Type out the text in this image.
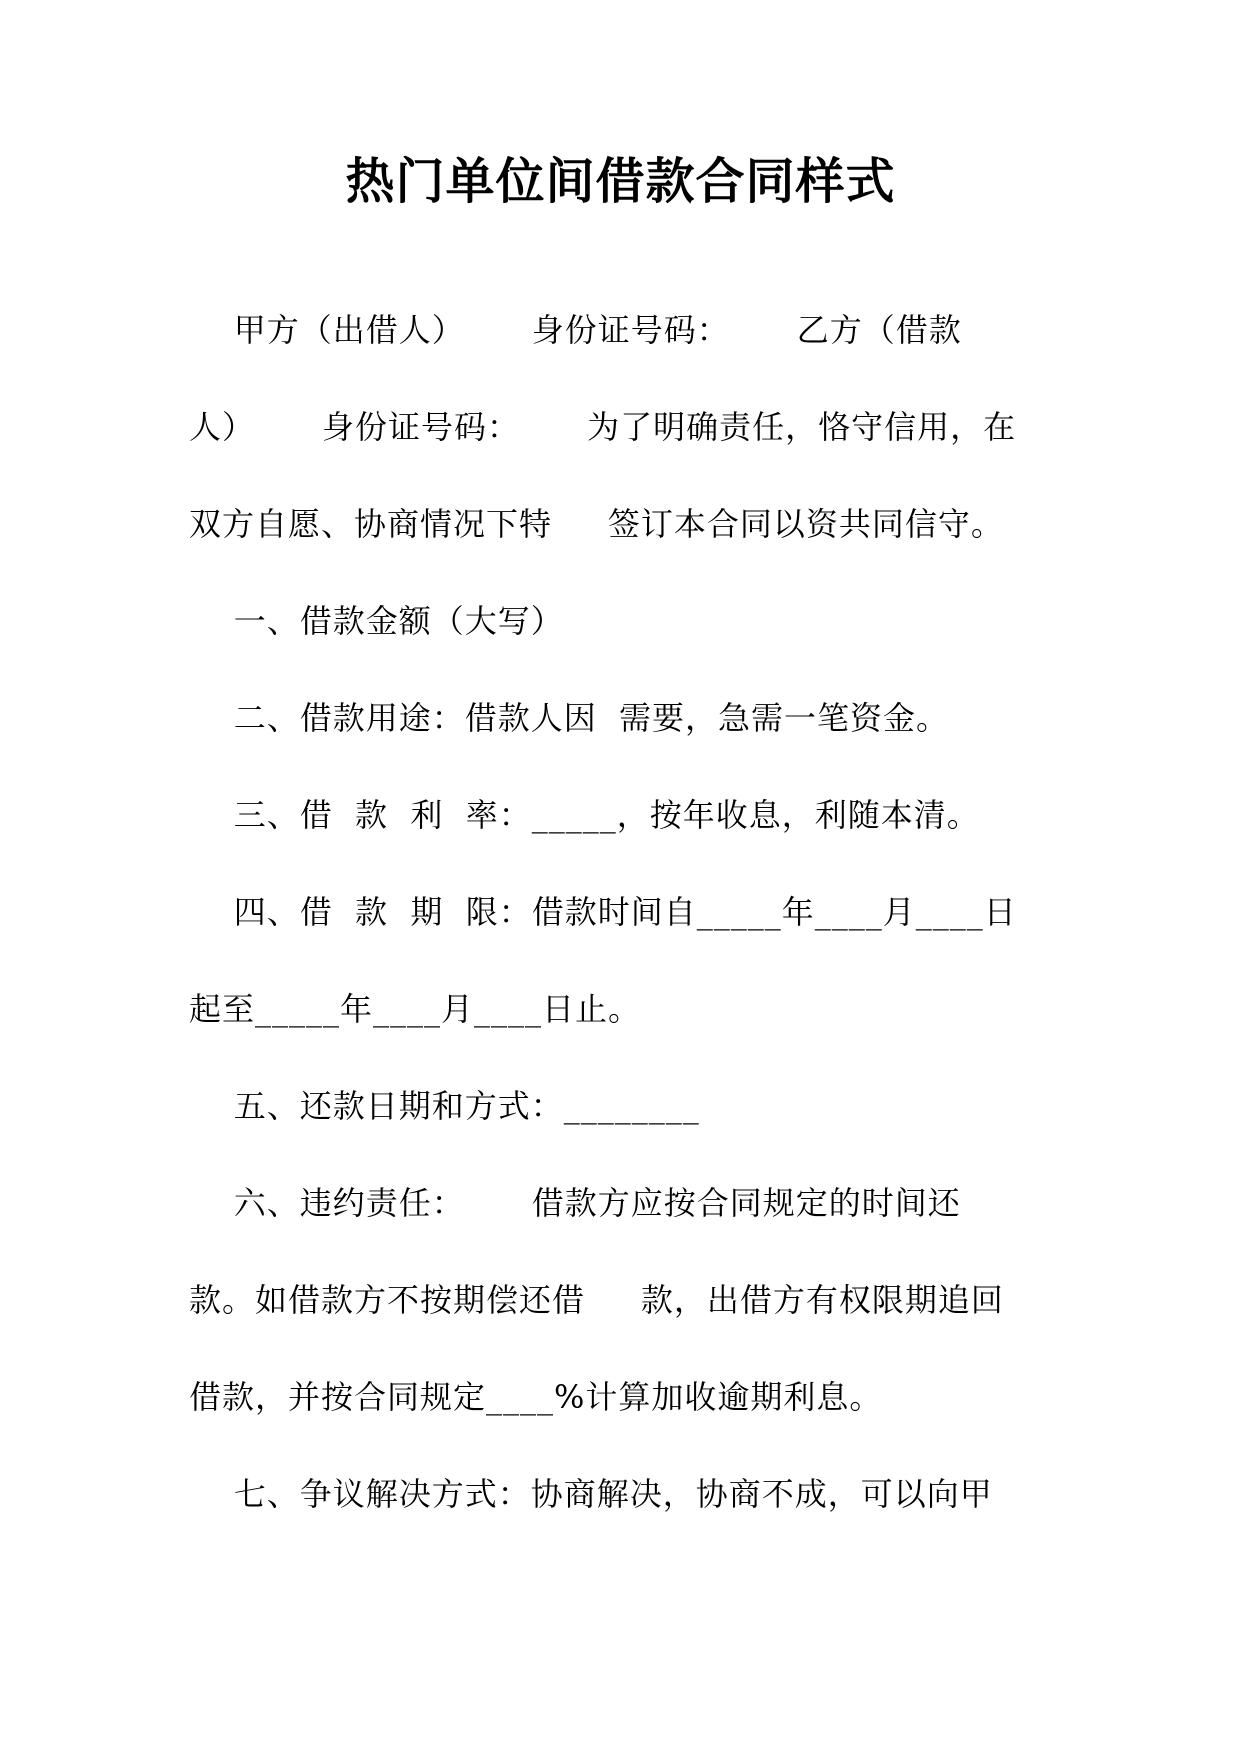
热门单位间借款合同样式
甲方（出借人）      身份证号码：      乙方（借款
人）      身份证号码：      为了明确责任，恪守信用，在
双方自愿、协商情况下特     签订本合同以资共同信守。
一、借款金额（大写）
二、借款用途：借款人因  需要，急需一笔资金。
三、借  款  利  率：_____，按年收息，利随本清。
四、借  款  期  限：借款时间自_____年____月____日
起至_____年____月____日止。
五、还款日期和方式：________
六、违约责任：      借款方应按合同规定的时间还
款。如借款方不按期偿还借     款，出借方有权限期追回
借款，并按合同规定____%计算加收逾期利息。
七、争议解决方式：协商解决，协商不成，可以向甲
